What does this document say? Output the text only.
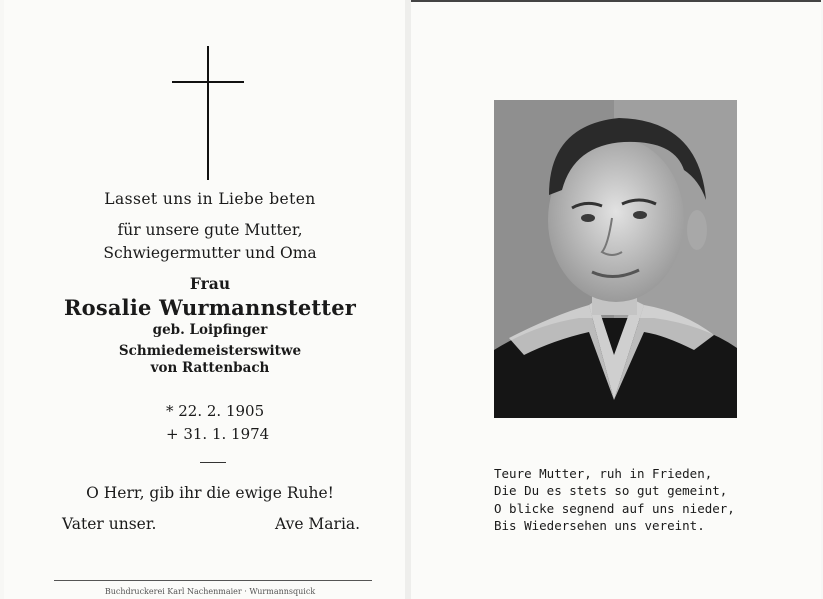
Lasset uns in Liebe beten
für unsere gute Mutter,
Schwiegermutter und Oma
Frau
Rosalie Wurmannstetter
geb. Loipfinger
Schmiedemeisterswitwe
von Rattenbach
* 22. 2. 1905
+ 31. 1. 1974
O Herr, gib ihr die ewige Ruhe!
Vater unser.	Ave Maria.
Buchdruckerei Karl Nachenmaier · Wurmannsquick
Teure Mutter, ruh in Frieden,
Die Du es stets so gut gemeint,
O blicke segnend auf uns nieder,
Bis Wiedersehen uns vereint.
